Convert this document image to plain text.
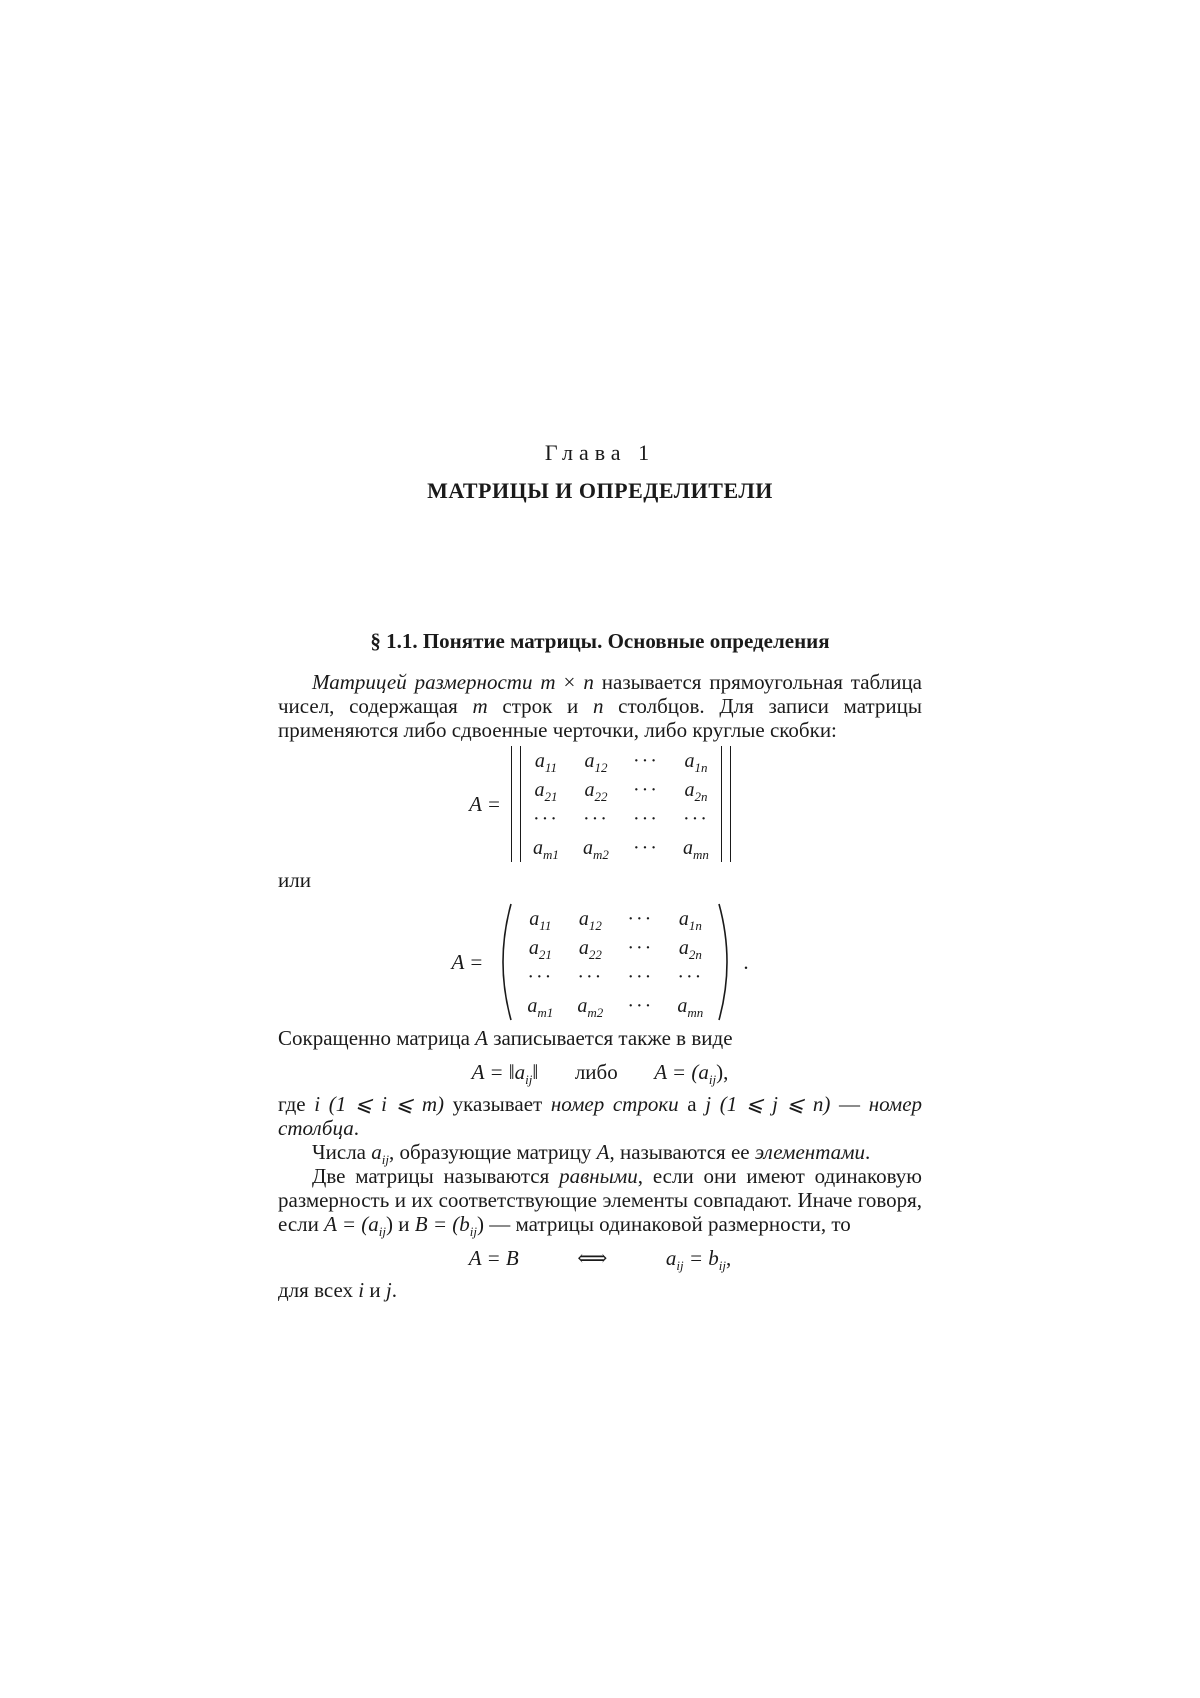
Глава 1
МАТРИЦЫ И ОПРЕДЕЛИТЕЛИ
§ 1.1. Понятие матрицы. Основные определения

Матрицей размерности m × n называется прямоугольная таблица чисел, содержащая m строк и n столбцов. Для записи матрицы применяются либо сдвоенные черточки, либо круглые скобки:

A =
$a_{11}$ $a_{12}$ ··· $a_{1n}$
$a_{21}$ $a_{22}$ ··· $a_{2n}$
··· ··· ··· ···
$a_{m1}$ $a_{m2}$ ··· $a_{mn}$

или

A =
$a_{11}$ $a_{12}$ ··· $a_{1n}$
$a_{21}$ $a_{22}$ ··· $a_{2n}$
··· ··· ··· ···
$a_{m1}$ $a_{m2}$ ··· $a_{mn}$
.

Сокращенно матрица A записывается также в виде

$A = ‖a_{ij}‖$ либо $A = (a_{ij})$,

где i (1 ⩽ i ⩽ m) указывает номер строки а j (1 ⩽ j ⩽ n) — номер столбца.

Числа $a_{ij}$, образующие матрицу A, называются ее элементами.

Две матрицы называются равными, если они имеют одинаковую размерность и их соответствующие элементы совпадают. Иначе говоря, если $A = (a_{ij})$ и $B = (b_{ij})$ — матрицы одинаковой размерности, то

A = B	⟺	$a_{ij} = b_{ij}$,

для всех i и j.
